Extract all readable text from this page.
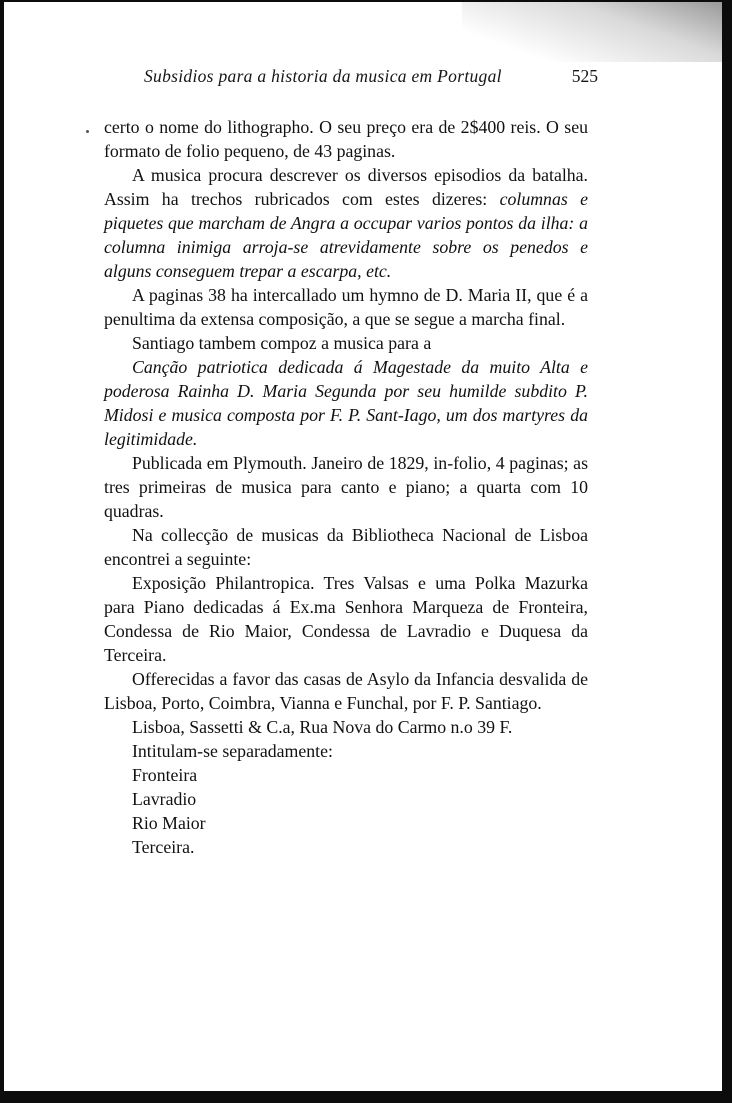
Subsidios para a historia da musica em Portugal	525

certo o nome do lithographo. O seu preço era de 2$400 reis. O seu formato de folio pequeno, de 43 paginas.

A musica procura descrever os diversos episodios da batalha. Assim ha trechos rubricados com estes dizeres: columnas e piquetes que marcham de Angra a occupar varios pontos da ilha: a columna inimiga arroja-se atrevidamente sobre os penedos e alguns conseguem trepar a escarpa, etc.

A paginas 38 ha intercallado um hymno de D. Maria II, que é a penultima da extensa composição, a que se segue a marcha final.

Santiago tambem compoz a musica para a

Canção patriotica dedicada á Magestade da muito Alta e poderosa Rainha D. Maria Segunda por seu humilde subdito P. Midosi e musica composta por F. P. Sant-Iago, um dos martyres da legitimidade.

Publicada em Plymouth. Janeiro de 1829, in-folio, 4 paginas; as tres primeiras de musica para canto e piano; a quarta com 10 quadras.

Na collecção de musicas da Bibliotheca Nacional de Lisboa encontrei a seguinte:

Exposição Philantropica. Tres Valsas e uma Polka Mazurka para Piano dedicadas á Ex.ma Senhora Marqueza de Fronteira, Condessa de Rio Maior, Condessa de Lavradio e Duquesa da Terceira.

Offerecidas a favor das casas de Asylo da Infancia desvalida de Lisboa, Porto, Coimbra, Vianna e Funchal, por F. P. Santiago.

Lisboa, Sassetti & C.a, Rua Nova do Carmo n.o 39 F.

Intitulam-se separadamente:

Fronteira

Lavradio

Rio Maior

Terceira.
